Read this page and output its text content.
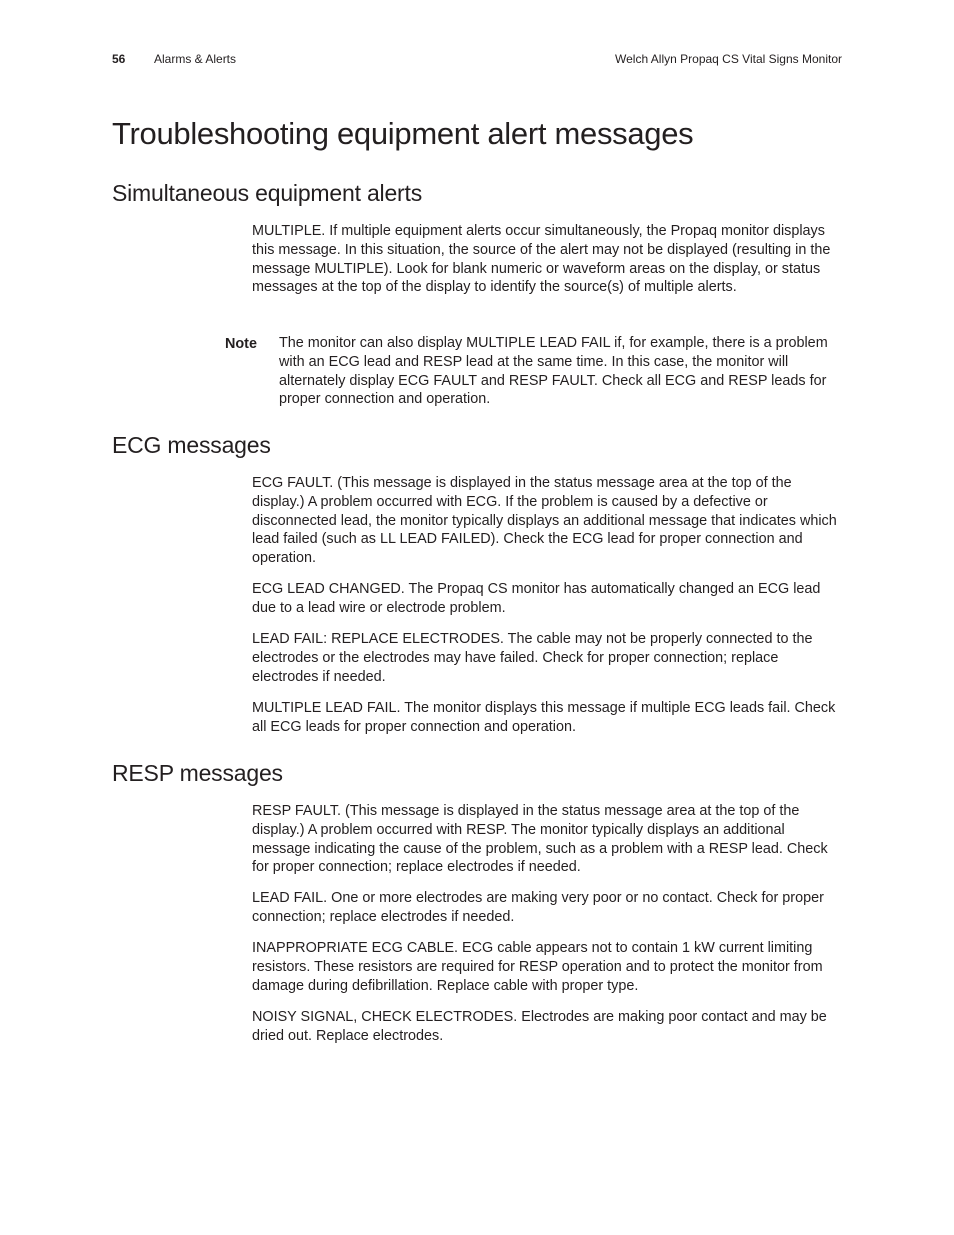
56 Alarms & Alerts	Welch Allyn Propaq CS Vital Signs Monitor
Troubleshooting equipment alert messages
Simultaneous equipment alerts

MULTIPLE. If multiple equipment alerts occur simultaneously, the Propaq monitor displays this message. In this situation, the source of the alert may not be displayed (resulting in the message MULTIPLE). Look for blank numeric or waveform areas on the display, or status messages at the top of the display to identify the source(s) of multiple alerts.

Note The monitor can also display MULTIPLE LEAD FAIL if, for example, there is a problem with an ECG lead and RESP lead at the same time. In this case, the monitor will alternately display ECG FAULT and RESP FAULT. Check all ECG and RESP leads for proper connection and operation.

ECG messages

ECG FAULT. (This message is displayed in the status message area at the top of the display.) A problem occurred with ECG. If the problem is caused by a defective or disconnected lead, the monitor typically displays an additional message that indicates which lead failed (such as LL LEAD FAILED). Check the ECG lead for proper connection and operation.

ECG LEAD CHANGED. The Propaq CS monitor has automatically changed an ECG lead due to a lead wire or electrode problem.

LEAD FAIL: REPLACE ELECTRODES. The cable may not be properly connected to the electrodes or the electrodes may have failed. Check for proper connection; replace electrodes if needed.

MULTIPLE LEAD FAIL. The monitor displays this message if multiple ECG leads fail. Check all ECG leads for proper connection and operation.

RESP messages

RESP FAULT. (This message is displayed in the status message area at the top of the display.) A problem occurred with RESP. The monitor typically displays an additional message indicating the cause of the problem, such as a problem with a RESP lead. Check for proper connection; replace electrodes if needed.

LEAD FAIL. One or more electrodes are making very poor or no contact. Check for proper connection; replace electrodes if needed.

INAPPROPRIATE ECG CABLE. ECG cable appears not to contain 1 kW current limiting resistors. These resistors are required for RESP operation and to protect the monitor from damage during defibrillation. Replace cable with proper type.

NOISY SIGNAL, CHECK ELECTRODES. Electrodes are making poor contact and may be dried out. Replace electrodes.
